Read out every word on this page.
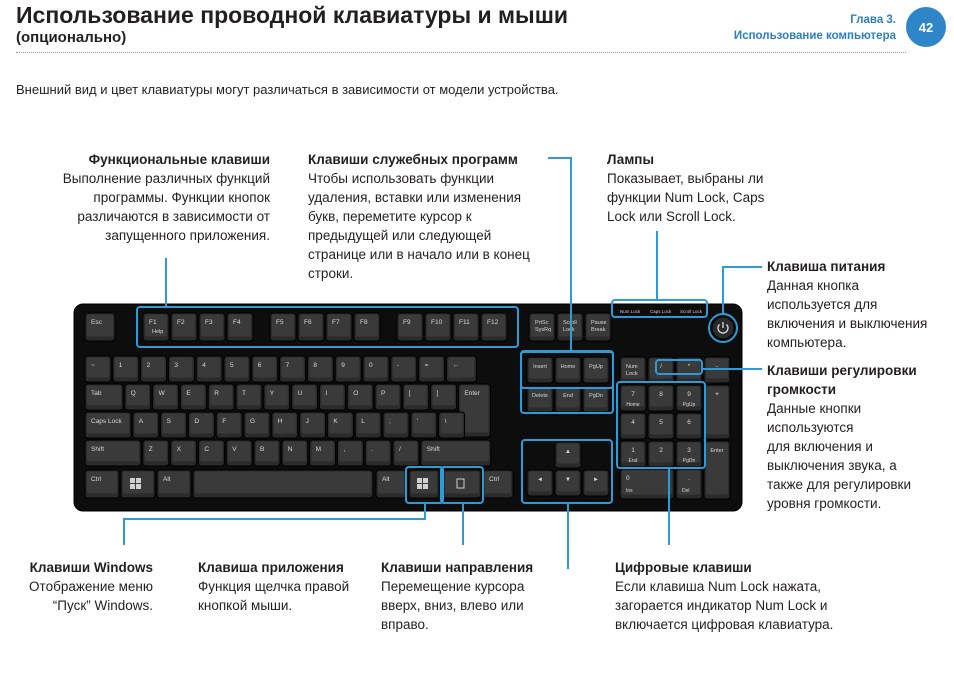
Использование проводной клавиатуры и мыши
(опционально)
Глава 3.
Использование компьютера
42
Внешний вид и цвет клавиатуры могут различаться в зависимости от модели устройства.
Esc	F1	F2	F3	F4	F5	F6	F7	F8	F9	F10	F11	F12
Help
PrtSc
SysRq
Scroll
Lock
Pause
Break
Num Lock Caps Lock Scroll Lock
~	1	2	3	4	5	6	7	8	9	0	-	=	←
Tab	Q	W	E	R	T	Y	U	I	O	P	[	]	Enter
Caps Lock	A	S	D	F	G	H	J	K	L	;	'	\
Shift	Z	X	C	V	B	N	M	,	.	/	Shift
Ctrl	Alt	Alt	Ctrl
Insert	Home	PgUp
Delete	End	PgDn
▲
◄	▼	►
Num
Lock
/	*	-
7
Home
8	9
PgUp
4	5	6
1
End
2	3
PgDn
+
Enter
0
Ins
.
Del
Функциональные клавиши
Выполнение различных функций
программы. Функции кнопок
различаются в зависимости от
запущенного приложения.
Клавиши служебных программ
Чтобы использовать функции
удаления, вставки или изменения
букв, переметите курсор к
предыдущей или следующей
странице или в начало или в конец
строки.
Лампы
Показывает, выбраны ли
функции Num Lock, Caps
Lock или Scroll Lock.
Клавиша питания
Данная кнопка
используется для
включения и выключения
компьютера.
Клавиши регулировки
громкости
Данные кнопки
используются
для включения и
выключения звука, а
также для регулировки
уровня громкости.
Клавиши Windows
Отображение меню
“Пуск” Windows.
Клавиша приложения
Функция щелчка правой
кнопкой мыши.
Клавиши направления
Перемещение курсора
вверх, вниз, влево или
вправо.
Цифровые клавиши
Если клавиша Num Lock нажата,
загорается индикатор Num Lock и
включается цифровая клавиатура.
